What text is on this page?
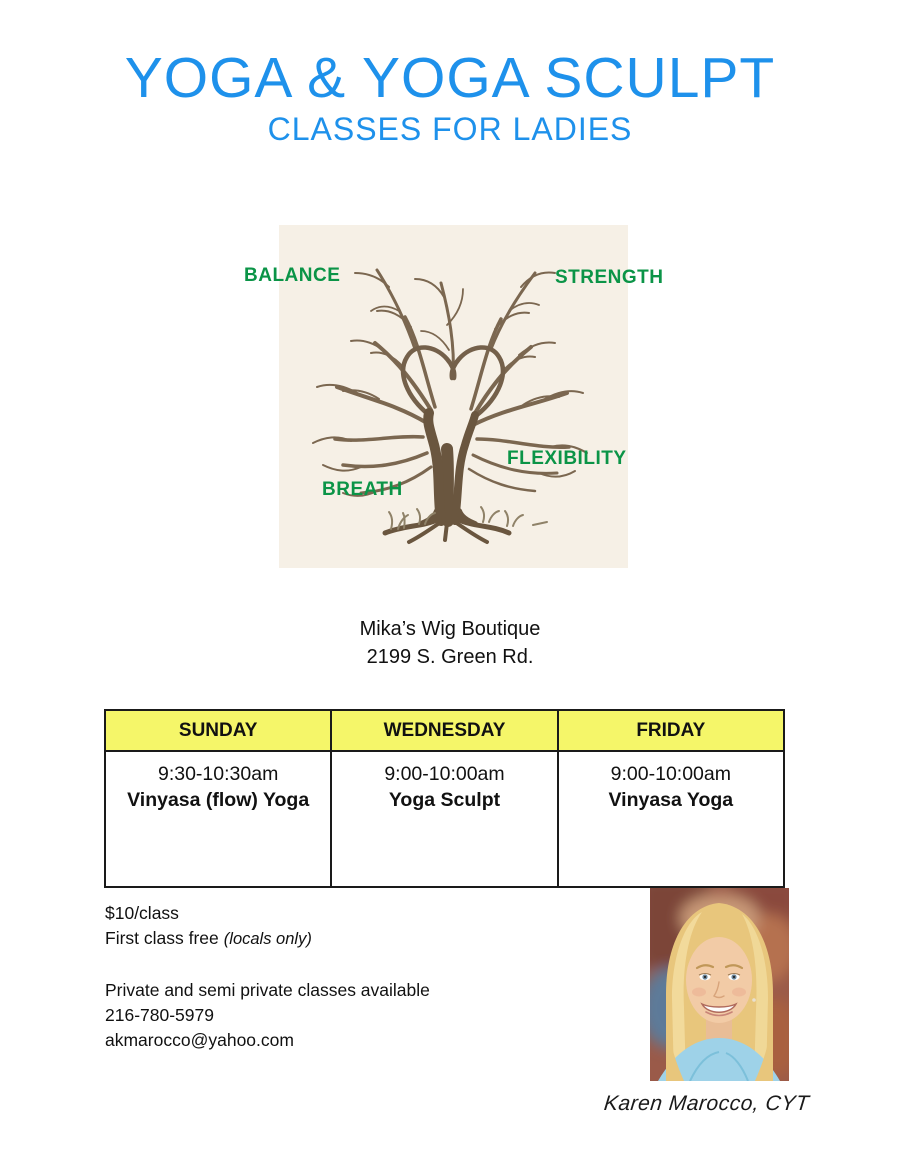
YOGA & YOGA SCULPT
CLASSES FOR LADIES
BALANCE	STRENGTH
FLEXIBILITY
BREATH
Mika’s Wig Boutique
2199 S. Green Rd.
SUNDAY	WEDNESDAY	FRIDAY

9:30-10:30am
Vinyasa (flow) Yoga

9:00-10:00am
Yoga Sculpt

9:00-10:00am
Vinyasa Yoga
$10/class
First class free (locals only)
Private and semi private classes available
216-780-5979
akmarocco@yahoo.com
Karen Marocco, CYT
